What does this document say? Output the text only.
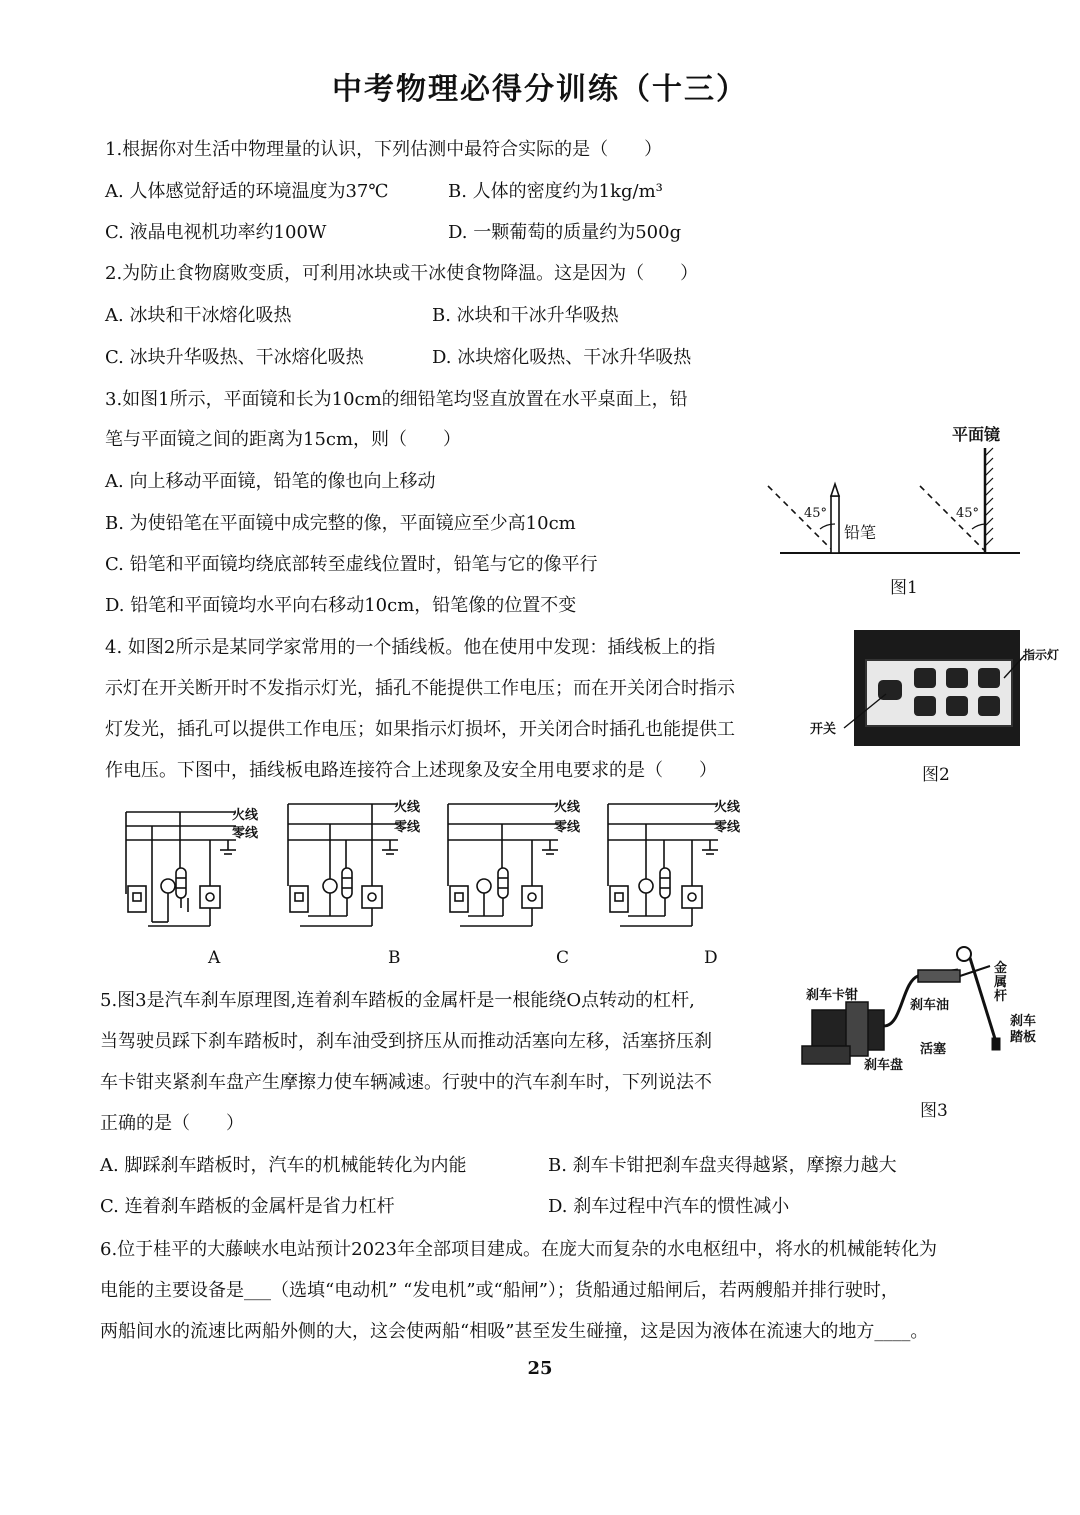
中考物理必得分训练（十三）
1.根据你对生活中物理量的认识，下列估测中最符合实际的是（　　）
A. 人体感觉舒适的环境温度为37℃	B. 人体的密度约为1kg/m³
C. 液晶电视机功率约100W	D. 一颗葡萄的质量约为500g
2.为防止食物腐败变质，可利用冰块或干冰使食物降温。这是因为（　　）
A. 冰块和干冰熔化吸热	B. 冰块和干冰升华吸热
C. 冰块升华吸热、干冰熔化吸热	D. 冰块熔化吸热、干冰升华吸热
3.如图1所示，平面镜和长为10cm的细铅笔均竖直放置在水平桌面上，铅
笔与平面镜之间的距离为15cm，则（　　）
A. 向上移动平面镜，铅笔的像也向上移动
B. 为使铅笔在平面镜中成完整的像，平面镜应至少高10cm
C. 铅笔和平面镜均绕底部转至虚线位置时，铅笔与它的像平行
D. 铅笔和平面镜均水平向右移动10cm，铅笔像的位置不变
平面镜
铅笔
45°	45°
图1
4. 如图2所示是某同学家常用的一个插线板。他在使用中发现：插线板上的指
示灯在开关断开时不发指示灯光，插孔不能提供工作电压；而在开关闭合时指示
灯发光，插孔可以提供工作电压；如果指示灯损坏，开关闭合时插孔也能提供工
作电压。下图中，插线板电路连接符合上述现象及安全用电要求的是（　　）
开关
指示灯
图2
火线
零线
A
火线
零线
B
火线
零线
C
火线
零线
D
5.图3是汽车刹车原理图,连着刹车踏板的金属杆是一根能绕O点转动的杠杆,
当驾驶员踩下刹车踏板时，刹车油受到挤压从而推动活塞向左移，活塞挤压刹
车卡钳夹紧刹车盘产生摩擦力使车辆减速。行驶中的汽车刹车时，下列说法不
正确的是（　　）
A. 脚踩刹车踏板时，汽车的机械能转化为内能	B. 刹车卡钳把刹车盘夹得越紧，摩擦力越大
C. 连着刹车踏板的金属杆是省力杠杆	D. 刹车过程中汽车的惯性减小
刹车卡钳
刹车油
活塞
刹车盘
金属杆
刹车踏板
图3
6.位于桂平的大藤峡水电站预计2023年全部项目建成。在庞大而复杂的水电枢纽中，将水的机械能转化为
电能的主要设备是___（选填“电动机” “发电机”或“船闸”）；货船通过船闸后，若两艘船并排行驶时，
两船间水的流速比两船外侧的大，这会使两船“相吸”甚至发生碰撞，这是因为液体在流速大的地方____。
25
